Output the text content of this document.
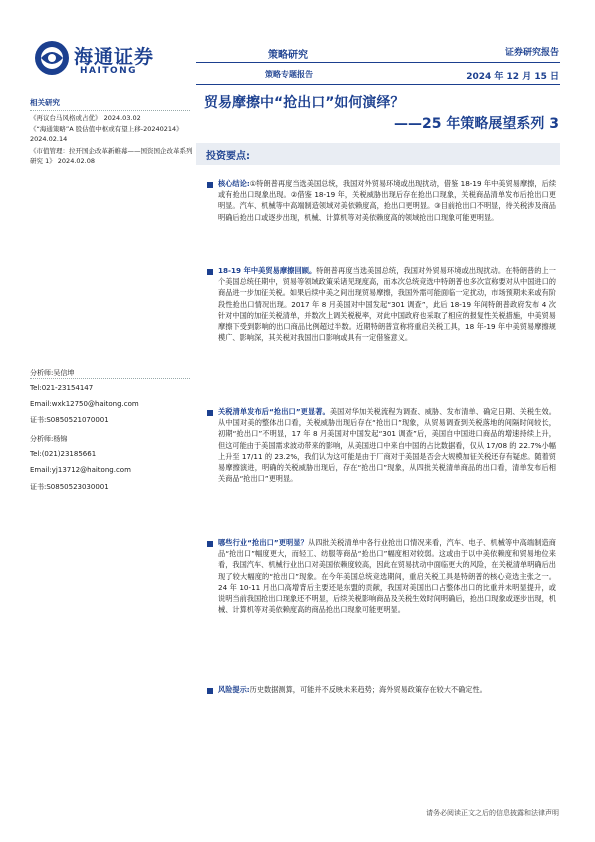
海通证券
HAITONG
策略研究
策略专题报告
证券研究报告
2024 年 12 月 15 日
贸易摩擦中“抢出口”如何演绎？
——25 年策略展望系列 3
相关研究
《再议台马风格或占优》 2024.03.02
《“海通策略”A 股估值中枢或有望上移-20240214》 2024.02.14
《市值管理：拉开国企改革新帷幕——国资国企改革系列研究 1》 2024.02.08
分析师:吴信坤
Tel:021-23154147
Email:wxk12750@haitong.com
证书:S0850521070001
分析师:杨锦
Tel:(021)23185661
Email:yj13712@haitong.com
证书:S0850523030001
投资要点:
核心结论:①特朗普再度当选美国总统，我国对外贸易环境或出现扰动，借鉴 18-19 年中美贸易摩擦，后续或有抢出口现象出现。②借鉴 18-19 年，关税威胁出现后存在抢出口现象，关税商品清单发布后抢出口更明显。汽车、机械等中高端制造领域对美依赖度高，抢出口更明显。③目前抢出口不明显，待关税涉及商品明确后抢出口或逐步出现，机械、计算机等对美依赖度高的领域抢出口现象可能更明显。
18-19 年中美贸易摩擦回顾。特朗普再度当选美国总统，我国对外贸易环境或出现扰动。在特朗普的上一个美国总统任期中，贸易等领域政策采诸见现度高，而本次总统竞选中特朗普也多次宣称要对从中国进口的商品进一步加征关税。如果后续中美之间出现贸易摩擦，我国外需可能面临一定扰动，市场预期未来或有阶段性抢出口情况出现。2017 年 8 月美国对中国发起“301 调查”，此后 18-19 年间特朗普政府发布 4 次针对中国的加征关税清单，并数次上调关税税率，对此中国政府也采取了相应的报复性关税措施，中美贸易摩擦下受到影响的出口商品比例超过半数。近期特朗普宣称将重启关税工具，18 年-19 年中美贸易摩擦规模广、影响深，其关税对我国出口影响或具有一定借鉴意义。
关税清单发布后“抢出口”更显著。美国对华加关税流程为调查、威胁、发布清单、确定日期、关税生效。从中国对美的整体出口看，关税威胁出现后存在“抢出口”现象，从贸易调查到关税落地的间隔时间较长，初期“抢出口”不明显，17 年 8 月美国对中国发起“301 调查”后，美国自中国进口商品的增速持续上升，但这可能由于美国需求波动带来的影响，从美国进口中来自中国的占比数据看，仅从 17/08 的 22.7%小幅上升至 17/11 的 23.2%，我们认为这可能是由于厂商对于美国是否会大规模加征关税还存有疑虑。随着贸易摩擦演进，明确的关税威胁出现后，存在“抢出口”现象，从四批关税清单商品的出口看，清单发布后相关商品“抢出口”更明显。
哪些行业“抢出口”更明显？从四批关税清单中各行业抢出口情况来看，汽车、电子、机械等中高端制造商品“抢出口”幅度更大，而轻工、纺服等商品“抢出口”幅度相对较弱。这或由于以中美依赖度和贸易地位来看，我国汽车、机械行业出口对美国依赖度较高，因此在贸易扰动中面临更大的风险，在关税清单明确后出现了较大幅度的“抢出口”现象。在今年美国总统竞选期间，重启关税工具是特朗普的核心竞选主张之一。24 年 10-11 月出口高增背后主要还是东盟的贡献，我国对美国出口占整体出口的比重并未明显提升，或说明当前我国抢出口现象还不明显，后续关税影响商品及关税生效时间明确后，抢出口现象或逐步出现，机械、计算机等对美依赖度高的商品抢出口现象可能更明显。
风险提示:历史数据测算，可能并不反映未来趋势；海外贸易政策存在较大不确定性。
请务必阅读正文之后的信息披露和法律声明
